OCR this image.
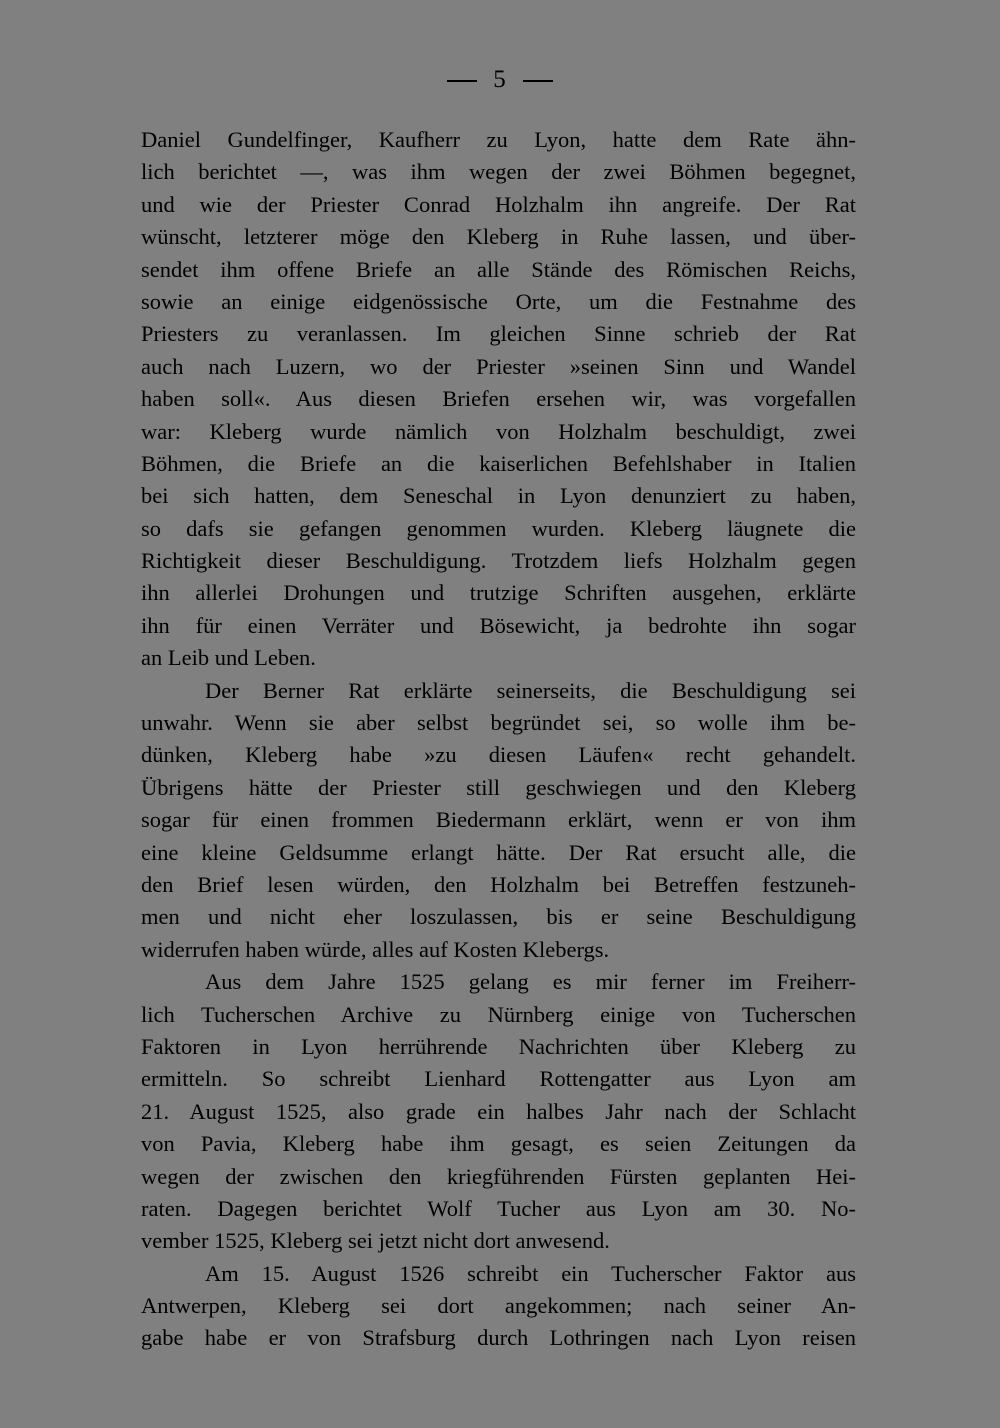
5
Daniel Gundelfinger, Kaufherr zu Lyon, hatte dem Rate ähn-
lich berichtet —, was ihm wegen der zwei Böhmen begegnet,
und wie der Priester Conrad Holzhalm ihn angreife. Der Rat
wünscht, letzterer möge den Kleberg in Ruhe lassen, und über-
sendet ihm offene Briefe an alle Stände des Römischen Reichs,
sowie an einige eidgenössische Orte, um die Festnahme des
Priesters zu veranlassen. Im gleichen Sinne schrieb der Rat
auch nach Luzern, wo der Priester »seinen Sinn und Wandel
haben soll«. Aus diesen Briefen ersehen wir, was vorgefallen
war: Kleberg wurde nämlich von Holzhalm beschuldigt, zwei
Böhmen, die Briefe an die kaiserlichen Befehlshaber in Italien
bei sich hatten, dem Seneschal in Lyon denunziert zu haben,
so dafs sie gefangen genommen wurden. Kleberg läugnete die
Richtigkeit dieser Beschuldigung. Trotzdem liefs Holzhalm gegen
ihn allerlei Drohungen und trutzige Schriften ausgehen, erklärte
ihn für einen Verräter und Bösewicht, ja bedrohte ihn sogar
an Leib und Leben.
Der Berner Rat erklärte seinerseits, die Beschuldigung sei
unwahr. Wenn sie aber selbst begründet sei, so wolle ihm be-
dünken, Kleberg habe »zu diesen Läufen« recht gehandelt.
Übrigens hätte der Priester still geschwiegen und den Kleberg
sogar für einen frommen Biedermann erklärt, wenn er von ihm
eine kleine Geldsumme erlangt hätte. Der Rat ersucht alle, die
den Brief lesen würden, den Holzhalm bei Betreffen festzuneh-
men und nicht eher loszulassen, bis er seine Beschuldigung
widerrufen haben würde, alles auf Kosten Klebergs.
Aus dem Jahre 1525 gelang es mir ferner im Freiherr-
lich Tucherschen Archive zu Nürnberg einige von Tucherschen
Faktoren in Lyon herrührende Nachrichten über Kleberg zu
ermitteln. So schreibt Lienhard Rottengatter aus Lyon am
21. August 1525, also grade ein halbes Jahr nach der Schlacht
von Pavia, Kleberg habe ihm gesagt, es seien Zeitungen da
wegen der zwischen den kriegführenden Fürsten geplanten Hei-
raten. Dagegen berichtet Wolf Tucher aus Lyon am 30. No-
vember 1525, Kleberg sei jetzt nicht dort anwesend.
Am 15. August 1526 schreibt ein Tucherscher Faktor aus
Antwerpen, Kleberg sei dort angekommen; nach seiner An-
gabe habe er von Strafsburg durch Lothringen nach Lyon reisen
